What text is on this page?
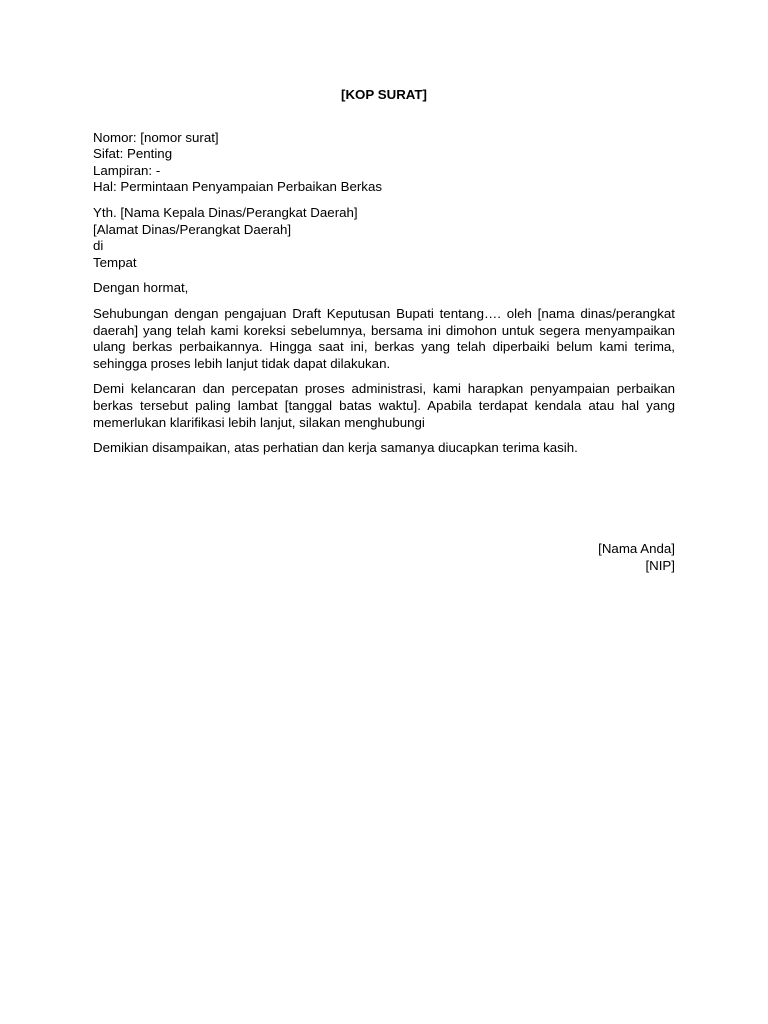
[KOP SURAT]
Nomor: [nomor surat]
Sifat: Penting
Lampiran: -
Hal: Permintaan Penyampaian Perbaikan Berkas
Yth. [Nama Kepala Dinas/Perangkat Daerah]
[Alamat Dinas/Perangkat Daerah]
di
Tempat

Dengan hormat,

Sehubungan dengan pengajuan Draft Keputusan Bupati tentang…. oleh [nama dinas/perangkat daerah] yang telah kami koreksi sebelumnya, bersama ini dimohon untuk segera menyampaikan ulang berkas perbaikannya. Hingga saat ini, berkas yang telah diperbaiki belum kami terima, sehingga proses lebih lanjut tidak dapat dilakukan.

Demi kelancaran dan percepatan proses administrasi, kami harapkan penyampaian perbaikan berkas tersebut paling lambat [tanggal batas waktu]. Apabila terdapat kendala atau hal yang memerlukan klarifikasi lebih lanjut, silakan menghubungi

Demikian disampaikan, atas perhatian dan kerja samanya diucapkan terima kasih.

[Nama Anda]
[NIP]
